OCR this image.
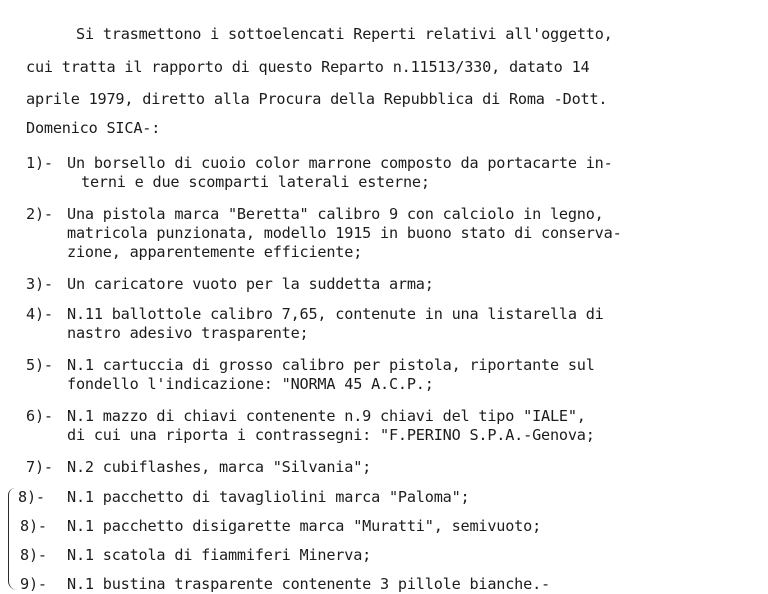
Si trasmettono i sottoelencati Reperti relativi all'oggetto,
cui tratta il rapporto di questo Reparto n.11513/330, datato 14
aprile 1979, diretto alla Procura della Repubblica di Roma -Dott.
Domenico SICA-:
1)- Un borsello di cuoio color marrone composto da portacarte in-
terni e due scomparti laterali esterne;
2)- Una pistola marca "Beretta" calibro 9 con calciolo in legno,
matricola punzionata, modello 1915 in buono stato di conserva-
zione, apparentemente efficiente;
3)- Un caricatore vuoto per la suddetta arma;
4)- N.11 ballottole calibro 7,65, contenute in una listarella di
nastro adesivo trasparente;
5)- N.1 cartuccia di grosso calibro per pistola, riportante sul
fondello l'indicazione: "NORMA 45 A.C.P.;
6)- N.1 mazzo di chiavi contenente n.9 chiavi del tipo "IALE",
di cui una riporta i contrassegni: "F.PERINO S.P.A.-Genova;
7)- N.2 cubiflashes, marca "Silvania";
8)- N.1 pacchetto di tavagliolini marca "Paloma";
8)- N.1 pacchetto disigarette marca "Muratti", semivuoto;
8)- N.1 scatola di fiammiferi Minerva;
9)- N.1 bustina trasparente contenente 3 pillole bianche.-
